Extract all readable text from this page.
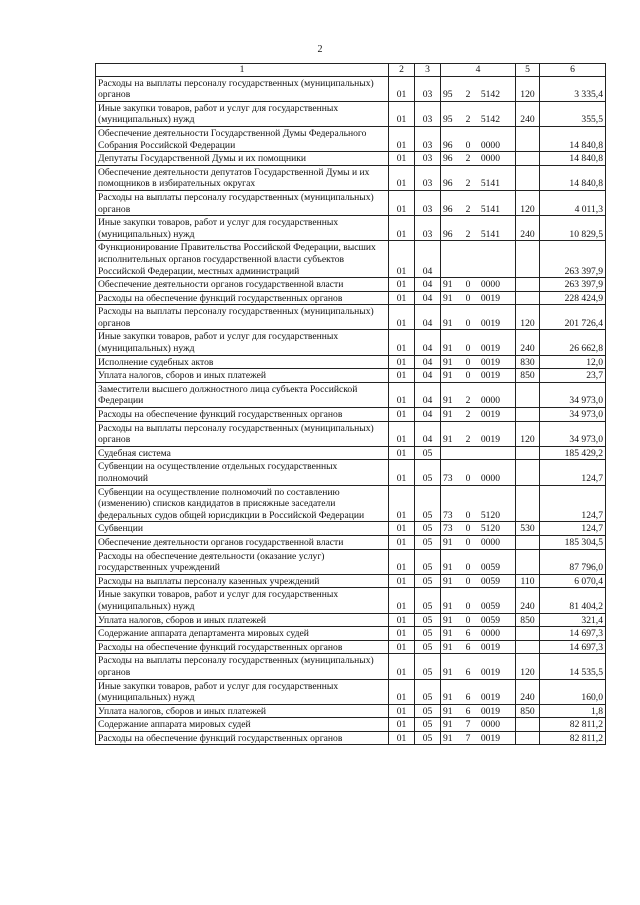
2
1	2	3	4	5	6
Расходы на выплаты персоналу государственных (муниципальных) органов	01	03	95 2 5142	120	3 335,4
Иные закупки товаров, работ и услуг для государственных (муниципальных) нужд	01	03	95 2 5142	240	355,5
Обеспечение деятельности Государственной Думы Федерального Собрания Российской Федерации	01	03	96 0 0000		14 840,8
Депутаты Государственной Думы и их помощники	01	03	96 2 0000		14 840,8
Обеспечение деятельности депутатов Государственной Думы и их помощников в избирательных округах	01	03	96 2 5141		14 840,8
Расходы на выплаты персоналу государственных (муниципальных) органов	01	03	96 2 5141	120	4 011,3
Иные закупки товаров, работ и услуг для государственных (муниципальных) нужд	01	03	96 2 5141	240	10 829,5
Функционирование Правительства Российской Федерации, высших исполнительных органов государственной власти субъектов Российской Федерации, местных администраций	01	04			263 397,9
Обеспечение деятельности органов государственной власти	01	04	91 0 0000		263 397,9
Расходы на обеспечение функций государственных органов	01	04	91 0 0019		228 424,9
Расходы на выплаты персоналу государственных (муниципальных) органов	01	04	91 0 0019	120	201 726,4
Иные закупки товаров, работ и услуг для государственных (муниципальных) нужд	01	04	91 0 0019	240	26 662,8
Исполнение судебных актов	01	04	91 0 0019	830	12,0
Уплата налогов, сборов и иных платежей	01	04	91 0 0019	850	23,7
Заместители высшего должностного лица субъекта Российской Федерации	01	04	91 2 0000		34 973,0
Расходы на обеспечение функций государственных органов	01	04	91 2 0019		34 973,0
Расходы на выплаты персоналу государственных (муниципальных) органов	01	04	91 2 0019	120	34 973,0
Судебная система	01	05			185 429,2
Субвенции на осуществление отдельных государственных полномочий	01	05	73 0 0000		124,7
Субвенции на осуществление полномочий по составлению (изменению) списков кандидатов в присяжные заседатели федеральных судов общей юрисдикции в Российской Федерации	01	05	73 0 5120		124,7
Субвенции	01	05	73 0 5120	530	124,7
Обеспечение деятельности органов государственной власти	01	05	91 0 0000		185 304,5
Расходы на обеспечение деятельности (оказание услуг) государственных учреждений	01	05	91 0 0059		87 796,0
Расходы на выплаты персоналу казенных учреждений	01	05	91 0 0059	110	6 070,4
Иные закупки товаров, работ и услуг для государственных (муниципальных) нужд	01	05	91 0 0059	240	81 404,2
Уплата налогов, сборов и иных платежей	01	05	91 0 0059	850	321,4
Содержание аппарата департамента мировых судей	01	05	91 6 0000		14 697,3
Расходы на обеспечение функций государственных органов	01	05	91 6 0019		14 697,3
Расходы на выплаты персоналу государственных (муниципальных) органов	01	05	91 6 0019	120	14 535,5
Иные закупки товаров, работ и услуг для государственных (муниципальных) нужд	01	05	91 6 0019	240	160,0
Уплата налогов, сборов и иных платежей	01	05	91 6 0019	850	1,8
Содержание аппарата мировых судей	01	05	91 7 0000		82 811,2
Расходы на обеспечение функций государственных органов	01	05	91 7 0019		82 811,2
